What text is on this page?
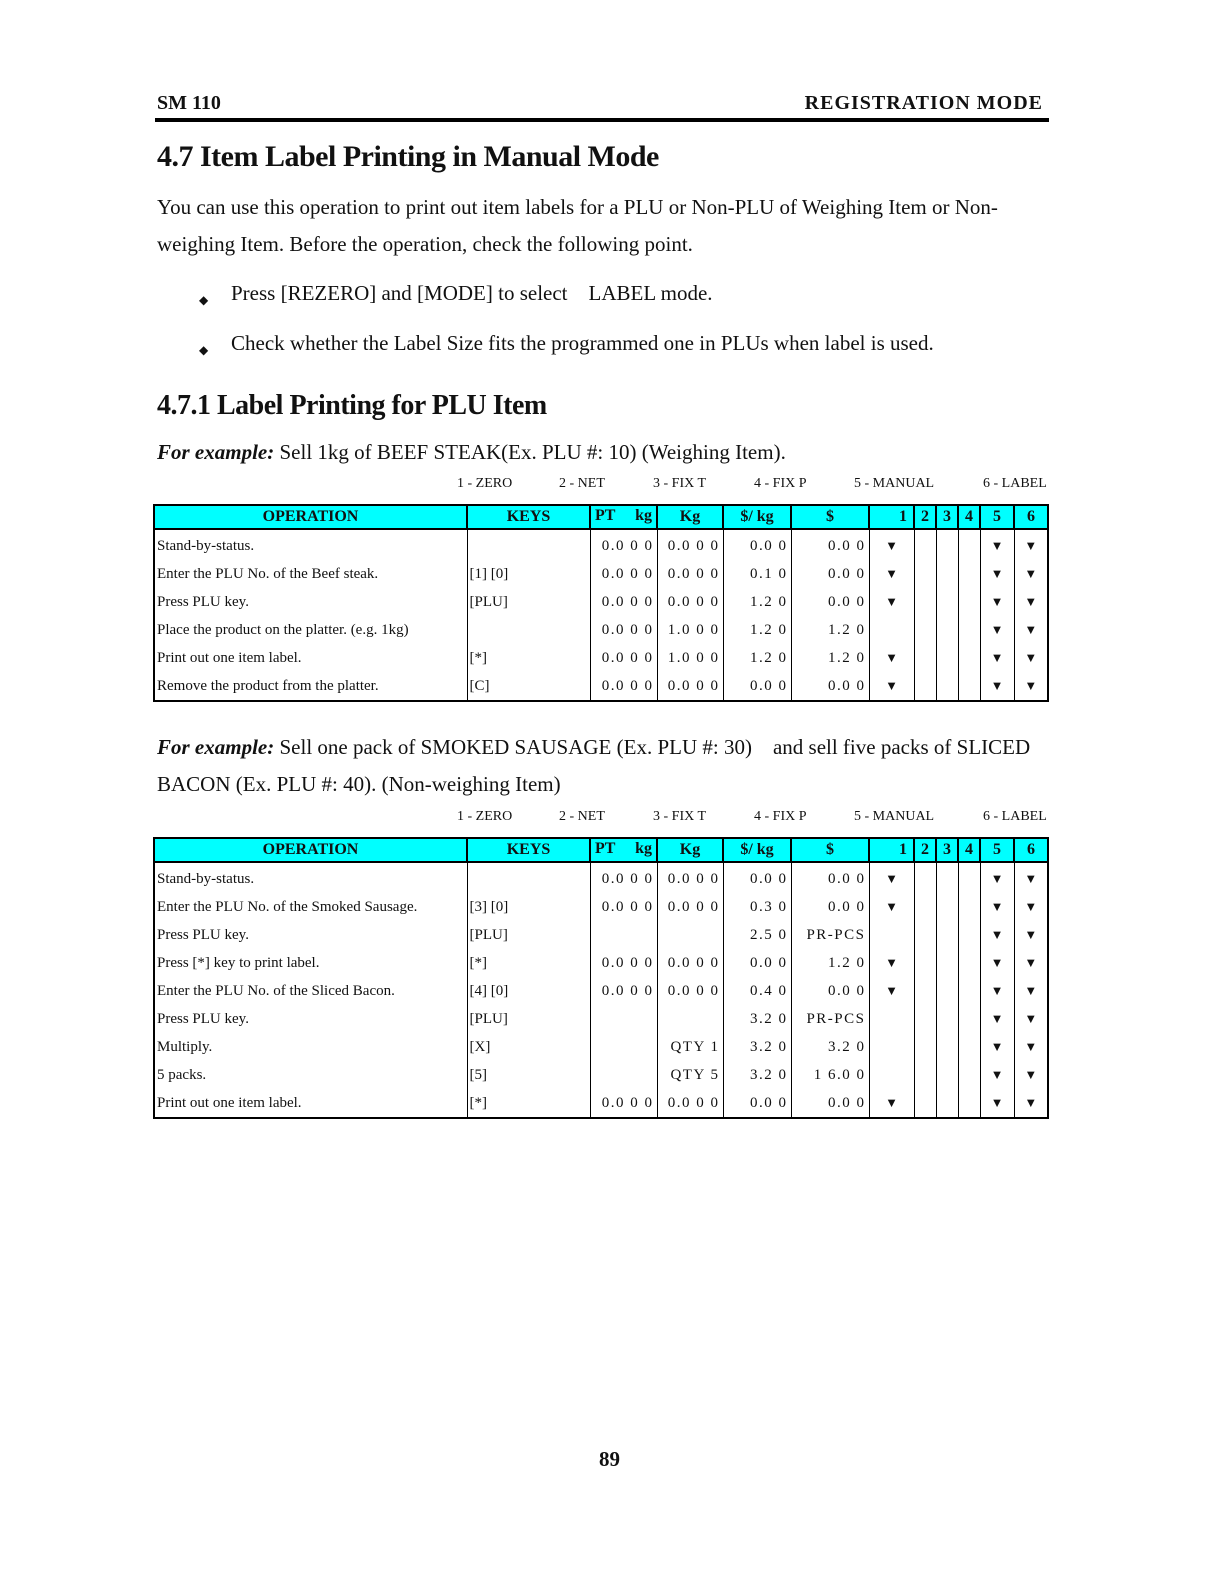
SM 110	REGISTRATION MODE
4.7 Item Label Printing in Manual Mode

You can use this operation to print out item labels for a PLU or Non-PLU of Weighing Item or Non-weighing Item. Before the operation, check the following point.

◆ Press [REZERO] and [MODE] to select    LABEL mode.
◆ Check whether the Label Size fits the programmed one in PLUs when label is used.
4.7.1 Label Printing for PLU Item

For example: Sell 1kg of BEEF STEAK(Ex. PLU #: 10) (Weighing Item).

1 - ZERO	2 - NET	3 - FIX T	4 - FIX P	5 - MANUAL	6 - LABEL
OPERATION	KEYS	PT kg	Kg	$/ kg	$	1	2	3	4	5	6
Stand-by-status.		0.0 0 0	0.0 0 0	0.0 0	0.0 0	▼				▼	▼
Enter the PLU No. of the Beef steak.	[1] [0]	0.0 0 0	0.0 0 0	0.1 0	0.0 0	▼				▼	▼
Press PLU key.	[PLU]	0.0 0 0	0.0 0 0	1.2 0	0.0 0	▼				▼	▼
Place the product on the platter. (e.g. 1kg)		0.0 0 0	1.0 0 0	1.2 0	1.2 0					▼	▼
Print out one item label.	[*]	0.0 0 0	1.0 0 0	1.2 0	1.2 0	▼				▼	▼
Remove the product from the platter.	[C]	0.0 0 0	0.0 0 0	0.0 0	0.0 0	▼				▼	▼

For example: Sell one pack of SMOKED SAUSAGE (Ex. PLU #: 30)    and sell five packs of SLICED BACON (Ex. PLU #: 40). (Non-weighing Item)

1 - ZERO	2 - NET	3 - FIX T	4 - FIX P	5 - MANUAL	6 - LABEL
OPERATION	KEYS	PT kg	Kg	$/ kg	$	1	2	3	4	5	6
Stand-by-status.		0.0 0 0	0.0 0 0	0.0 0	0.0 0	▼				▼	▼
Enter the PLU No. of the Smoked Sausage.	[3] [0]	0.0 0 0	0.0 0 0	0.3 0	0.0 0	▼				▼	▼
Press PLU key.	[PLU]			2.5 0	PR-PCS					▼	▼
Press [*] key to print label.	[*]	0.0 0 0	0.0 0 0	0.0 0	1.2 0	▼				▼	▼
Enter the PLU No. of the Sliced Bacon.	[4] [0]	0.0 0 0	0.0 0 0	0.4 0	0.0 0	▼				▼	▼
Press PLU key.	[PLU]			3.2 0	PR-PCS					▼	▼
Multiply.	[X]		QTY 1	3.2 0	3.2 0					▼	▼
5 packs.	[5]		QTY 5	3.2 0	1 6.0 0					▼	▼
Print out one item label.	[*]	0.0 0 0	0.0 0 0	0.0 0	0.0 0	▼				▼	▼
89
